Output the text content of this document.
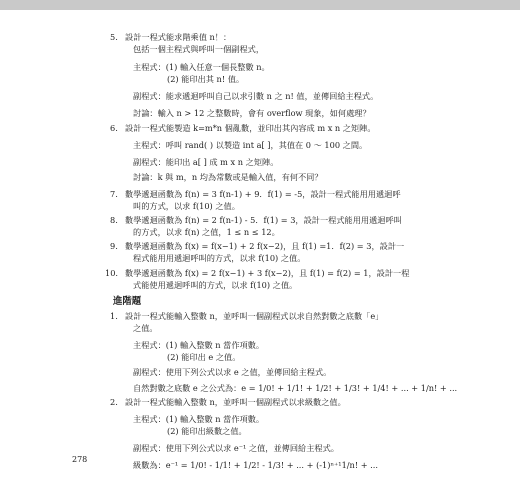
5. 設計一程式能求階乘值 n！：
包括一個主程式與呼叫一個副程式，
主程式：(1) 輸入任意一個長整數 n。
(2) 能印出其 n! 值。
副程式：能求遞迴呼叫自己以求引數 n 之 n! 值，並傳回給主程式。
討論：輸入 n > 12 之整數時，會有 overflow 現象，如何處理？
6. 設計一程式能製造 k=m*n 個亂數，並印出其內容成 m x n 之矩陣。
主程式：呼叫 rand( ) 以製造 int a[ ]，其值在 0 ～ 100 之間。
副程式：能印出 a[ ] 成 m x n 之矩陣。
討論：k 與 m，n 均為常數或是輸入值，有何不同？
7. 數學遞迴函數為 f(n) = 3 f(n-1) + 9．f(1) = -5，設計一程式能用用遞迴呼
叫的方式，以求 f(10) 之值。
8. 數學遞迴函數為 f(n) = 2 f(n-1) - 5．f(1) = 3，設計一程式能用用遞迴呼叫
的方式，以求 f(n) 之值，1 ≤ n ≤ 12。
9. 數學遞迴函數為 f(x) = f(x−1) + 2 f(x−2)，且 f(1) =1．f(2) = 3，設計一
程式能用用遞迴呼叫的方式，以求 f(10) 之值。
10. 數學遞迴函數為 f(x) = 2 f(x−1) + 3 f(x−2)，且 f(1) = f(2) = 1，設計一程
式能使用遞迴呼叫的方式，以求 f(10) 之值。
進階題
1. 設計一程式能輸入整數 n，並呼叫一個副程式以求自然對數之底數「e」
之值。
主程式：(1) 輸入整數 n 當作項數。
(2) 能印出 e 之值。
副程式：使用下列公式以求 e 之值，並傳回給主程式。
自然對數之底數 e 之公式為：e = 1/0! + 1/1! + 1/2! + 1/3! + 1/4! + ... + 1/n! + ...
2. 設計一程式能輸入整數 n，並呼叫一個副程式以求級數之值。
主程式：(1) 輸入整數 n 當作項數。
(2) 能印出級數之值。
副程式：使用下列公式以求 e⁻¹ 之值，並傳回給主程式。
級數為：e⁻¹ = 1/0! - 1/1! + 1/2! - 1/3! + ... + (-1)ⁿ⁺¹1/n! + ...
278
